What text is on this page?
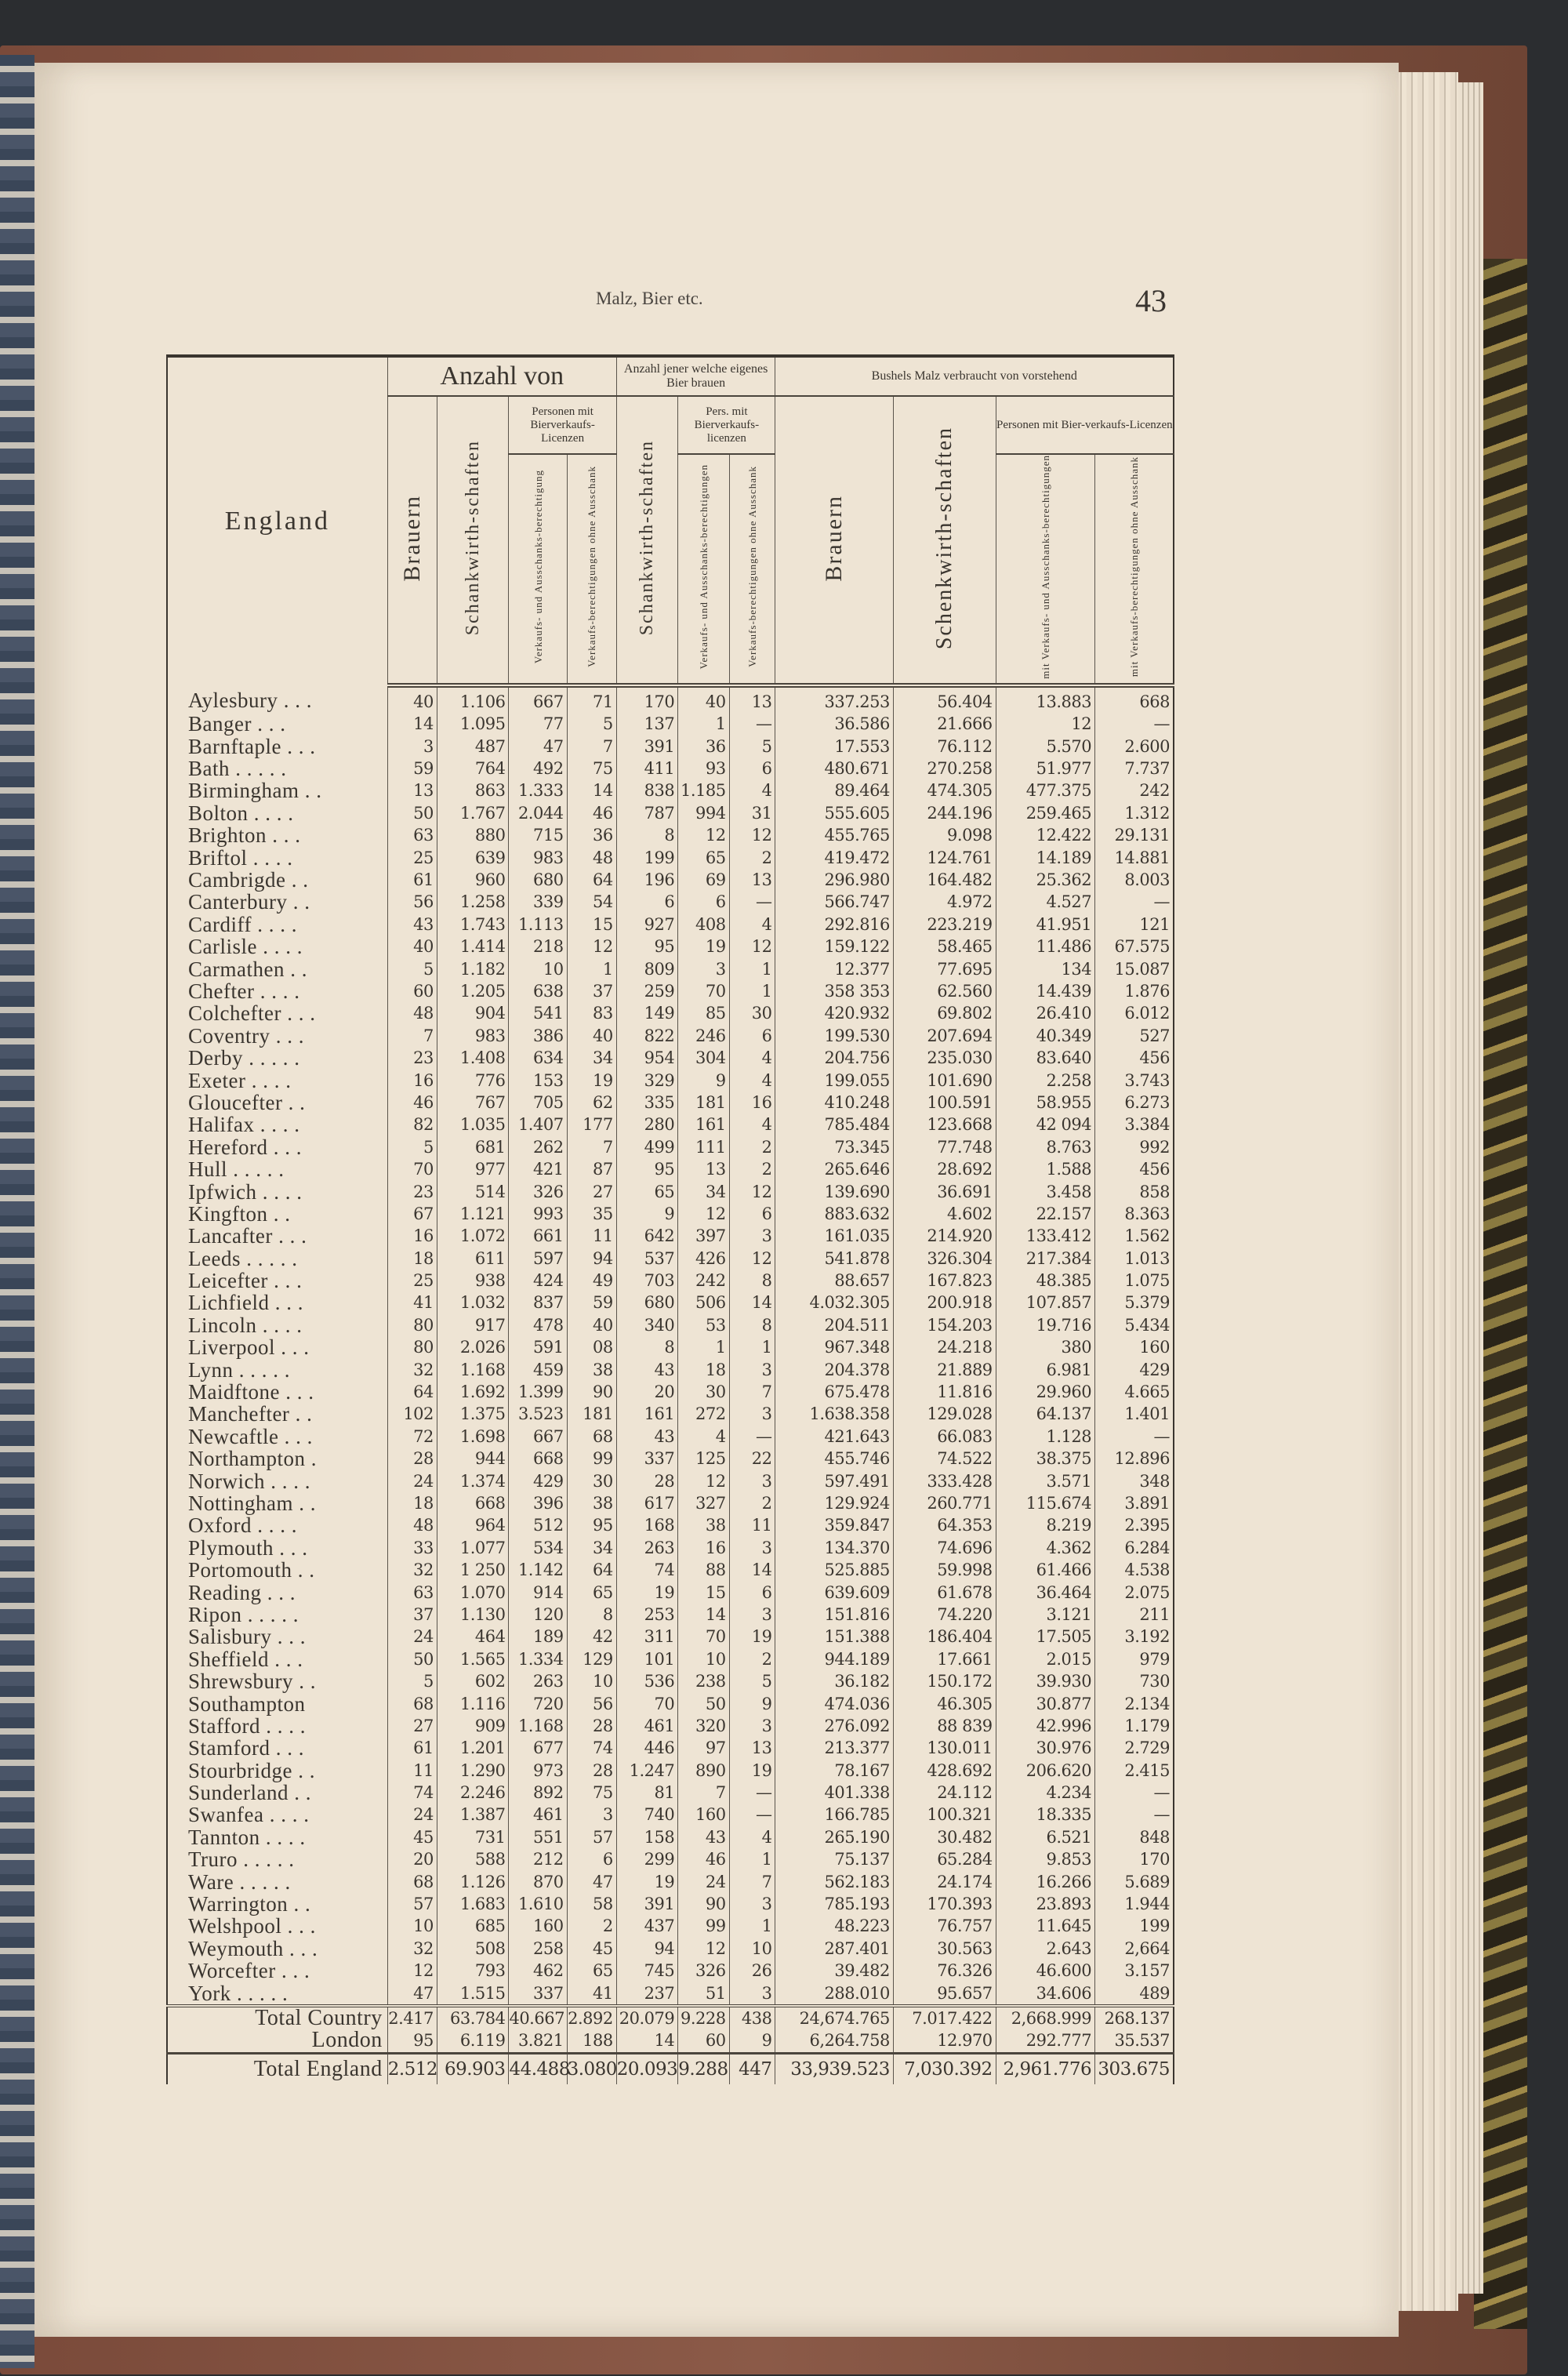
Malz, Bier etc.	43
England	Anzahl von				Anzahl jener welche eigenes Bier brauen			Bushels Malz verbraucht von vorstehend			
	Brauern	Schankwirth-schaften	Personen mit Bierverkaufs-Licenzen		Schankwirth-schaften	Pers. mit Bierverkaufs-licenzen		Brauern	Schenkwirth-schaften	Personen mit Bier-verkaufs-Licenzen	
			Verkaufs- und Ausschanks-berechtigung	Verkaufs-berechtigungen ohne Ausschank		Verkaufs- und Ausschanks-berechtigungen	Verkaufs-berechtigungen ohne Ausschank			mit Verkaufs- und Ausschanks-berechtigungen	mit Verkaufs-berechtigungen ohne Ausschank
Aylesbury . . .	40	1.106	667	71	170	40	13	337.253	56.404	13.883	668
Banger . . .	14	1.095	77	5	137	1	—	36.586	21.666	12	—
Barnftaple . . .	3	487	47	7	391	36	5	17.553	76.112	5.570	2.600
Bath . . . . .	59	764	492	75	411	93	6	480.671	270.258	51.977	7.737
Birmingham . .	13	863	1.333	14	838	1.185	4	89.464	474.305	477.375	242
Bolton . . . .	50	1.767	2.044	46	787	994	31	555.605	244.196	259.465	1.312
Brighton . . .	63	880	715	36	8	12	12	455.765	9.098	12.422	29.131
Briftol . . . .	25	639	983	48	199	65	2	419.472	124.761	14.189	14.881
Cambrigde . .	61	960	680	64	196	69	13	296.980	164.482	25.362	8.003
Canterbury . .	56	1.258	339	54	6	6	—	566.747	4.972	4.527	—
Cardiff . . . .	43	1.743	1.113	15	927	408	4	292.816	223.219	41.951	121
Carlisle . . . .	40	1.414	218	12	95	19	12	159.122	58.465	11.486	67.575
Carmathen . .	5	1.182	10	1	809	3	1	12.377	77.695	134	15.087
Chefter . . . .	60	1.205	638	37	259	70	1	358 353	62.560	14.439	1.876
Colchefter . . .	48	904	541	83	149	85	30	420.932	69.802	26.410	6.012
Coventry . . .	7	983	386	40	822	246	6	199.530	207.694	40.349	527
Derby . . . . .	23	1.408	634	34	954	304	4	204.756	235.030	83.640	456
Exeter . . . .	16	776	153	19	329	9	4	199.055	101.690	2.258	3.743
Gloucefter . .	46	767	705	62	335	181	16	410.248	100.591	58.955	6.273
Halifax . . . .	82	1.035	1.407	177	280	161	4	785.484	123.668	42 094	3.384
Hereford . . .	5	681	262	7	499	111	2	73.345	77.748	8.763	992
Hull . . . . .	70	977	421	87	95	13	2	265.646	28.692	1.588	456
Ipfwich . . . .	23	514	326	27	65	34	12	139.690	36.691	3.458	858
Kingfton . .	67	1.121	993	35	9	12	6	883.632	4.602	22.157	8.363
Lancafter . . .	16	1.072	661	11	642	397	3	161.035	214.920	133.412	1.562
Leeds . . . . .	18	611	597	94	537	426	12	541.878	326.304	217.384	1.013
Leicefter . . .	25	938	424	49	703	242	8	88.657	167.823	48.385	1.075
Lichfield . . .	41	1.032	837	59	680	506	14	4.032.305	200.918	107.857	5.379
Lincoln . . . .	80	917	478	40	340	53	8	204.511	154.203	19.716	5.434
Liverpool . . .	80	2.026	591	08	8	1	1	967.348	24.218	380	160
Lynn . . . . .	32	1.168	459	38	43	18	3	204.378	21.889	6.981	429
Maidftone . . .	64	1.692	1.399	90	20	30	7	675.478	11.816	29.960	4.665
Manchefter . .	102	1.375	3.523	181	161	272	3	1.638.358	129.028	64.137	1.401
Newcaftle . . .	72	1.698	667	68	43	4	—	421.643	66.083	1.128	—
Northampton .	28	944	668	99	337	125	22	455.746	74.522	38.375	12.896
Norwich . . . .	24	1.374	429	30	28	12	3	597.491	333.428	3.571	348
Nottingham . .	18	668	396	38	617	327	2	129.924	260.771	115.674	3.891
Oxford . . . .	48	964	512	95	168	38	11	359.847	64.353	8.219	2.395
Plymouth . . .	33	1.077	534	34	263	16	3	134.370	74.696	4.362	6.284
Portomouth . .	32	1 250	1.142	64	74	88	14	525.885	59.998	61.466	4.538
Reading . . .	63	1.070	914	65	19	15	6	639.609	61.678	36.464	2.075
Ripon . . . . .	37	1.130	120	8	253	14	3	151.816	74.220	3.121	211
Salisbury . . .	24	464	189	42	311	70	19	151.388	186.404	17.505	3.192
Sheffield . . .	50	1.565	1.334	129	101	10	2	944.189	17.661	2.015	979
Shrewsbury . .	5	602	263	10	536	238	5	36.182	150.172	39.930	730
Southampton	68	1.116	720	56	70	50	9	474.036	46.305	30.877	2.134
Stafford . . . .	27	909	1.168	28	461	320	3	276.092	88 839	42.996	1.179
Stamford . . .	61	1.201	677	74	446	97	13	213.377	130.011	30.976	2.729
Stourbridge . .	11	1.290	973	28	1.247	890	19	78.167	428.692	206.620	2.415
Sunderland . .	74	2.246	892	75	81	7	—	401.338	24.112	4.234	—
Swanfea . . . .	24	1.387	461	3	740	160	—	166.785	100.321	18.335	—
Tannton . . . .	45	731	551	57	158	43	4	265.190	30.482	6.521	848
Truro . . . . .	20	588	212	6	299	46	1	75.137	65.284	9.853	170
Ware . . . . .	68	1.126	870	47	19	24	7	562.183	24.174	16.266	5.689
Warrington . .	57	1.683	1.610	58	391	90	3	785.193	170.393	23.893	1.944
Welshpool . . .	10	685	160	2	437	99	1	48.223	76.757	11.645	199
Weymouth . . .	32	508	258	45	94	12	10	287.401	30.563	2.643	2,664
Worcefter . . .	12	793	462	65	745	326	26	39.482	76.326	46.600	3.157
York . . . . .	47	1.515	337	41	237	51	3	288.010	95.657	34.606	489
Total Country	2.417	63.784	40.667	2.892	20.079	9.228	438	24,674.765	7.017.422	2,668.999	268.137
London	95	6.119	3.821	188	14	60	9	6,264.758	12.970	292.777	35.537
Total England	2.512	69.903	44.488	3.080	20.093	9.288	447	33,939.523	7,030.392	2,961.776	303.675
